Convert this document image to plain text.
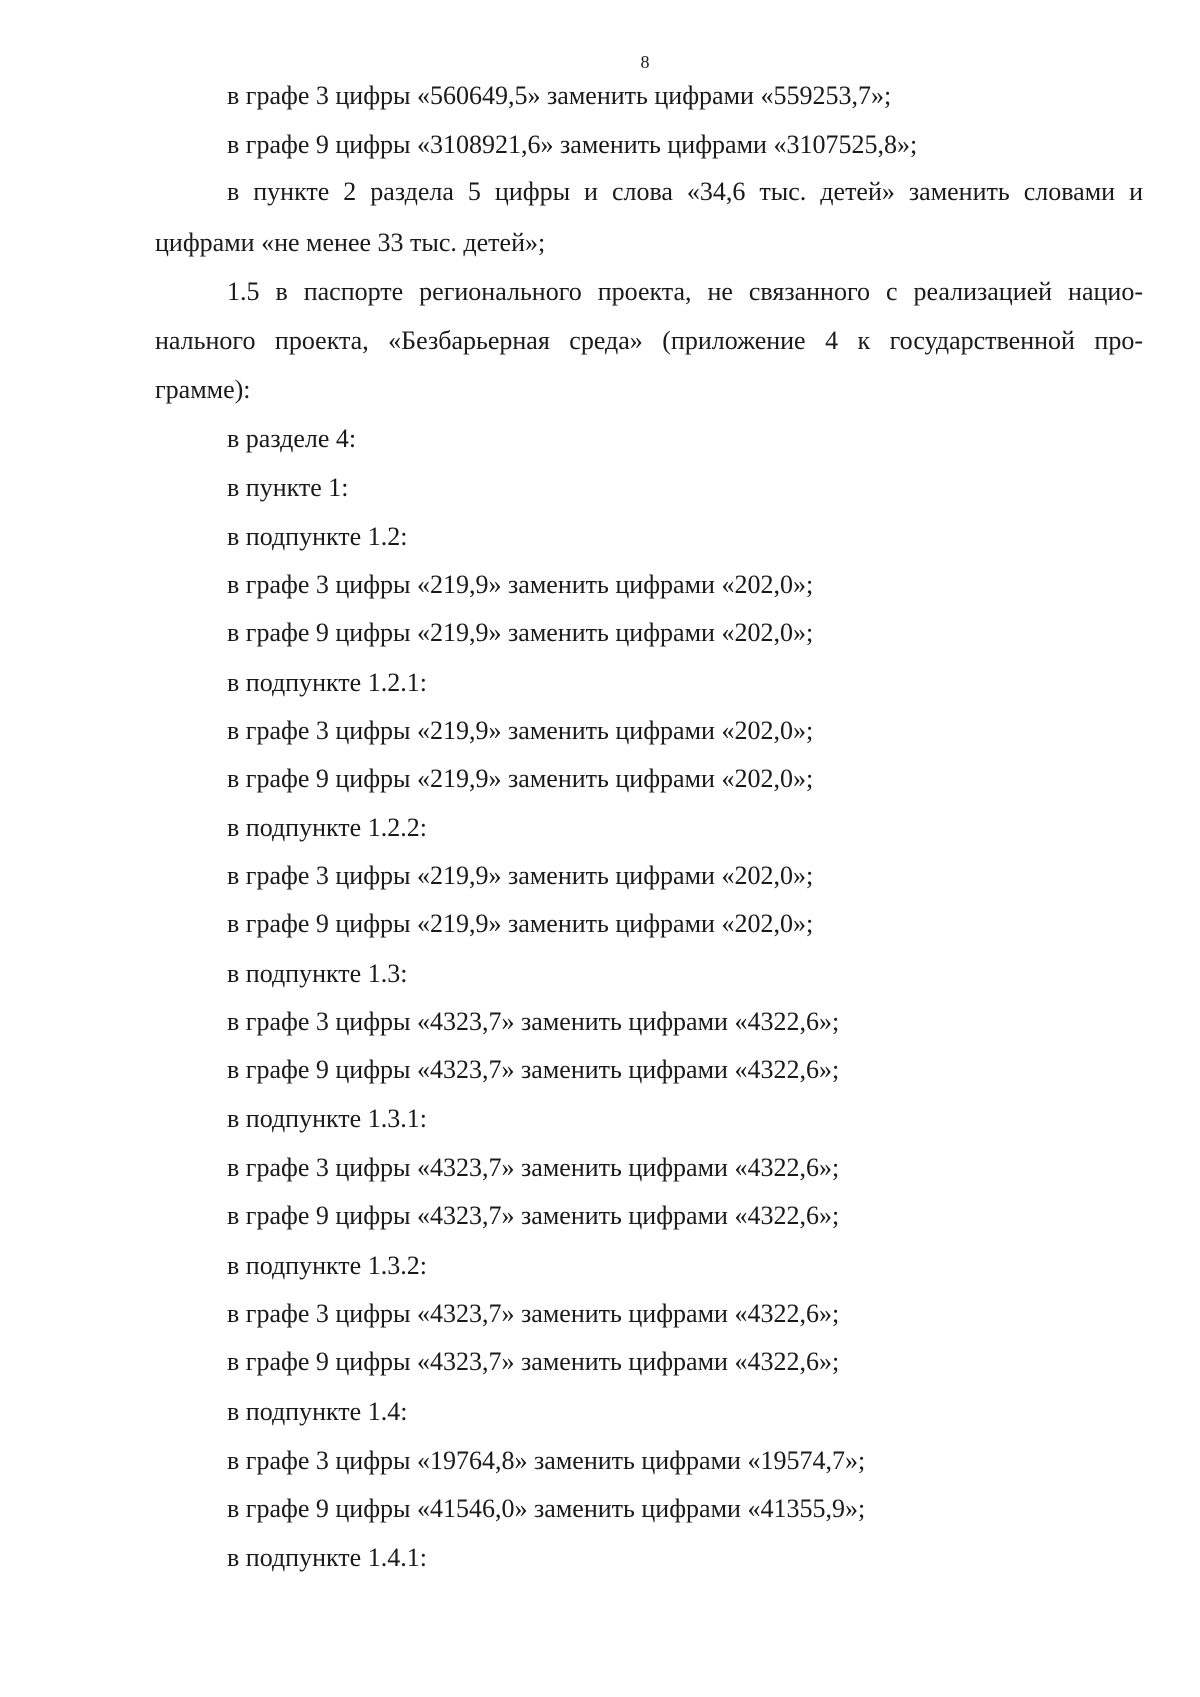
8
в графе 3 цифры «560649,5» заменить цифрами «559253,7»;
в графе 9 цифры «3108921,6» заменить цифрами «3107525,8»;
в пункте 2 раздела 5 цифры и слова «34,6 тыс. детей» заменить словами и
цифрами «не менее 33 тыс. детей»;
1.5 в паспорте регионального проекта, не связанного с реализацией нацио-
нального проекта, «Безбарьерная среда» (приложение 4 к государственной про-
грамме):
в разделе 4:
в пункте 1:
в подпункте 1.2:
в графе 3 цифры «219,9» заменить цифрами «202,0»;
в графе 9 цифры «219,9» заменить цифрами «202,0»;
в подпункте 1.2.1:
в графе 3 цифры «219,9» заменить цифрами «202,0»;
в графе 9 цифры «219,9» заменить цифрами «202,0»;
в подпункте 1.2.2:
в графе 3 цифры «219,9» заменить цифрами «202,0»;
в графе 9 цифры «219,9» заменить цифрами «202,0»;
в подпункте 1.3:
в графе 3 цифры «4323,7» заменить цифрами «4322,6»;
в графе 9 цифры «4323,7» заменить цифрами «4322,6»;
в подпункте 1.3.1:
в графе 3 цифры «4323,7» заменить цифрами «4322,6»;
в графе 9 цифры «4323,7» заменить цифрами «4322,6»;
в подпункте 1.3.2:
в графе 3 цифры «4323,7» заменить цифрами «4322,6»;
в графе 9 цифры «4323,7» заменить цифрами «4322,6»;
в подпункте 1.4:
в графе 3 цифры «19764,8» заменить цифрами «19574,7»;
в графе 9 цифры «41546,0» заменить цифрами «41355,9»;
в подпункте 1.4.1:
